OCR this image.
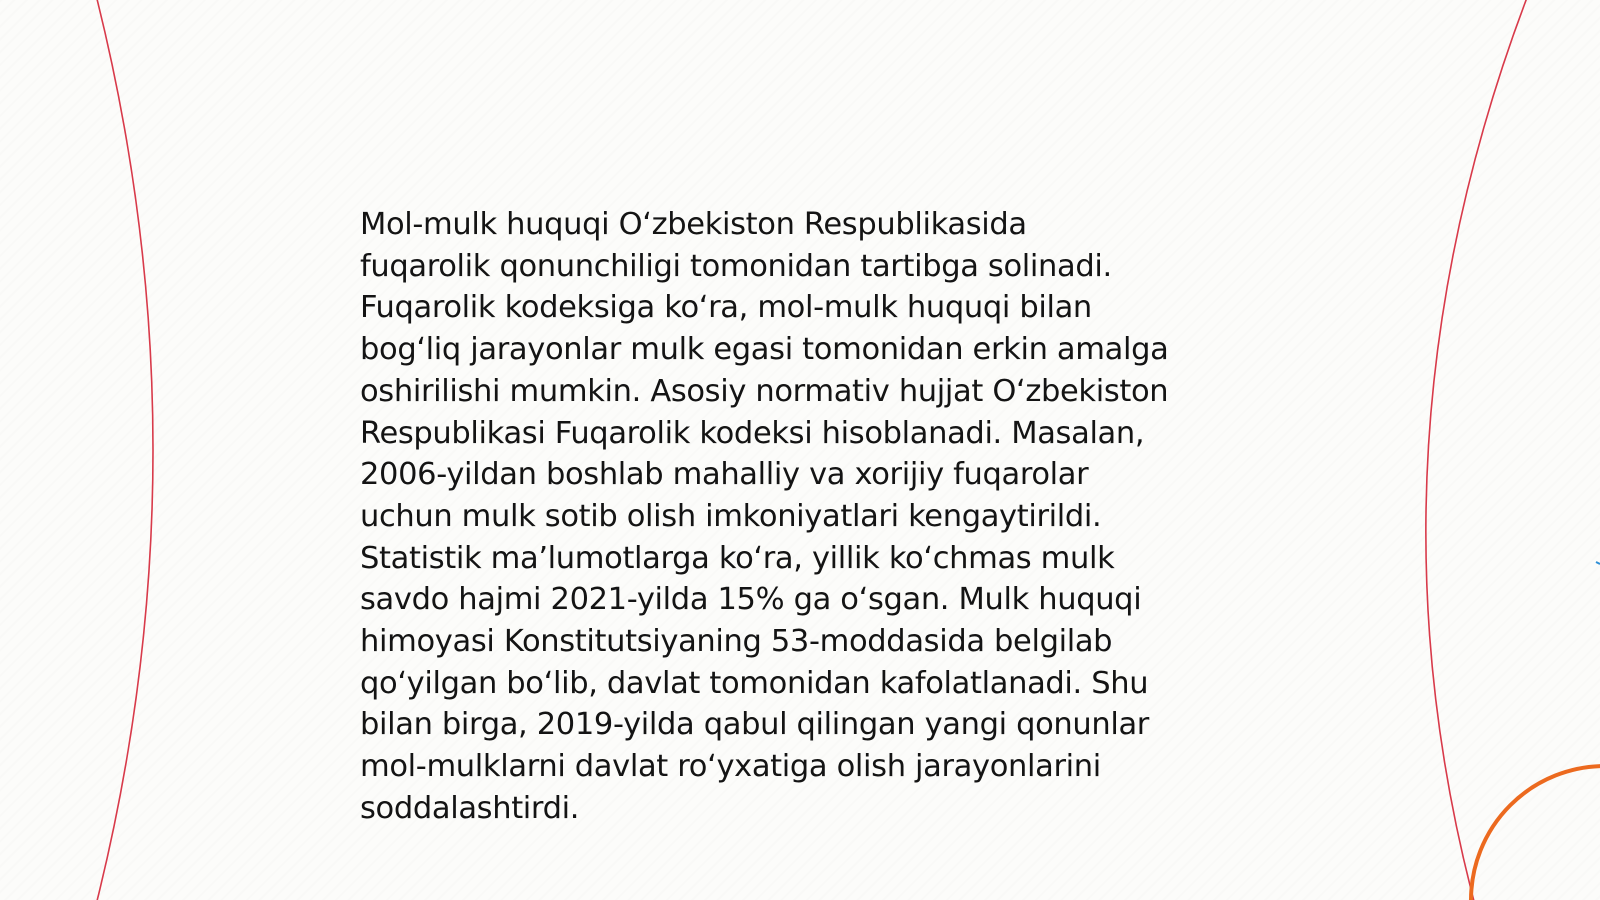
Mol-mulk huquqi O‘zbekiston Respublikasida
fuqarolik qonunchiligi tomonidan tartibga solinadi.
Fuqarolik kodeksiga ko‘ra, mol-mulk huquqi bilan
bog‘liq jarayonlar mulk egasi tomonidan erkin amalga
oshirilishi mumkin. Asosiy normativ hujjat O‘zbekiston
Respublikasi Fuqarolik kodeksi hisoblanadi. Masalan,
2006-yildan boshlab mahalliy va xorijiy fuqarolar
uchun mulk sotib olish imkoniyatlari kengaytirildi.
Statistik ma’lumotlarga ko‘ra, yillik ko‘chmas mulk
savdo hajmi 2021-yilda 15% ga o‘sgan. Mulk huquqi
himoyasi Konstitutsiyaning 53-moddasida belgilab
qo‘yilgan bo‘lib, davlat tomonidan kafolatlanadi. Shu
bilan birga, 2019-yilda qabul qilingan yangi qonunlar
mol-mulklarni davlat ro‘yxatiga olish jarayonlarini
soddalashtirdi.
